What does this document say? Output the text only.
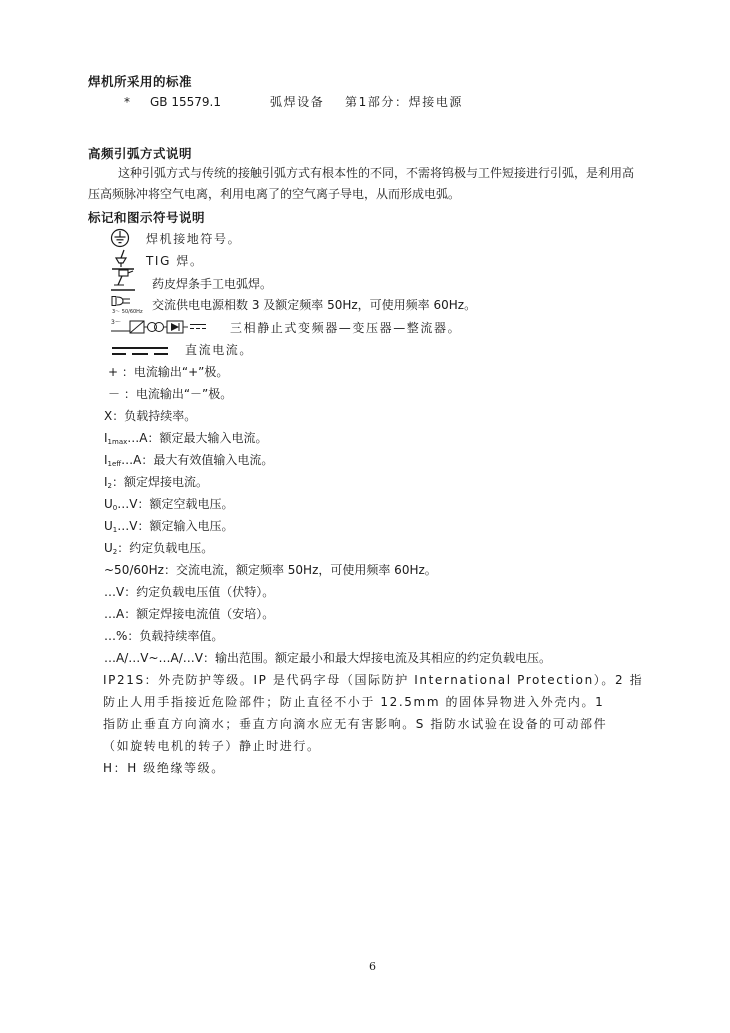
焊机所采用的标准
* GB 15579.1	弧焊设备 第1部分：焊接电源
高频引弧方式说明
这种引弧方式与传统的接触引弧方式有根本性的不同，不需将钨极与工件短接进行引弧，是利用高
压高频脉冲将空气电离，利用电离了的空气离子导电，从而形成电弧。
标记和图示符号说明
焊机接地符号。
TIG 焊。
药皮焊条手工电弧焊。
3～ 50/60Hz 交流供电电源相数 3 及额定频率 50Hz，可使用频率 60Hz。
3～	三相静止式变频器—变压器—整流器。
直流电流。
+ ：电流输出“+”极。
－ ：电流输出“－”极。
X：负载持续率。
$I_{1max}\dots A$：额定最大输入电流。
$I_{1eff}\dots A$：最大有效值输入电流。
$I_2$：额定焊接电流。
$U_0\dots V$：额定空载电压。
$U_1\dots V$：额定输入电压。
$U_2$：约定负载电压。
~50/60Hz：交流电流，额定频率 50Hz，可使用频率 60Hz。
…V：约定负载电压值（伏特）。
…A：额定焊接电流值（安培）。
…%：负载持续率值。
…A/…V~…A/…V：输出范围。额定最小和最大焊接电流及其相应的约定负载电压。
IP21S：外壳防护等级。IP 是代码字母（国际防护 International Protection）。2 指
防止人用手指接近危险部件；防止直径不小于 12.5mm 的固体异物进入外壳内。1
指防止垂直方向滴水；垂直方向滴水应无有害影响。S 指防水试验在设备的可动部件
（如旋转电机的转子）静止时进行。
H：H 级绝缘等级。
6
